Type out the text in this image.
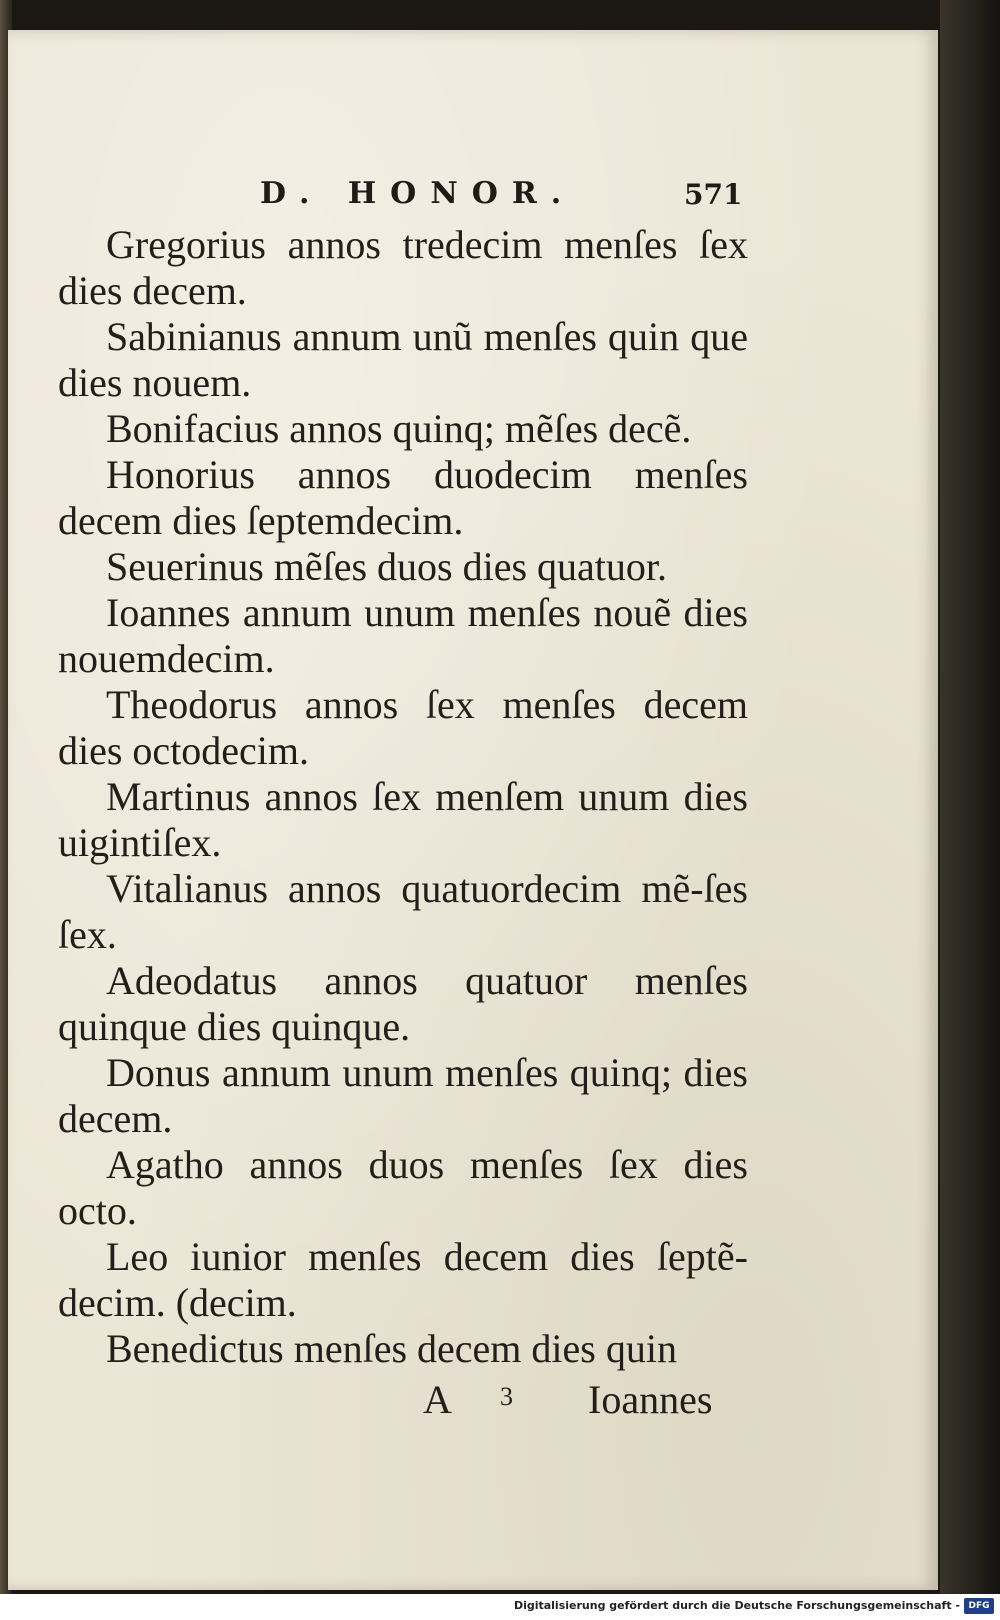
D. HONOR.	571

Gregorius annos tredecim menſes ſex dies decem.

Sabinianus annum unũ menſes quin que dies nouem.

Bonifacius annos quinq; mẽſes decẽ.

Honorius annos duodecim menſes decem dies ſeptemdecim.

Seuerinus mẽſes duos dies quatuor.

Ioannes annum unum menſes nouẽ dies nouemdecim.

Theodorus annos ſex menſes decem dies octodecim.

Martinus annos ſex menſem unum dies uigintiſex.

Vitalianus annos quatuordecim mẽ-ſes ſex.

Adeodatus annos quatuor menſes quinque dies quinque.

Donus annum unum menſes quinq; dies decem.

Agatho annos duos menſes ſex dies octo.

Leo iunior menſes decem dies ſeptẽ-decim. (decim.

Benedictus menſes decem dies quin

A 3 Ioannes
Digitalisierung gefördert durch die Deutsche Forschungsgemeinschaft - DFG
